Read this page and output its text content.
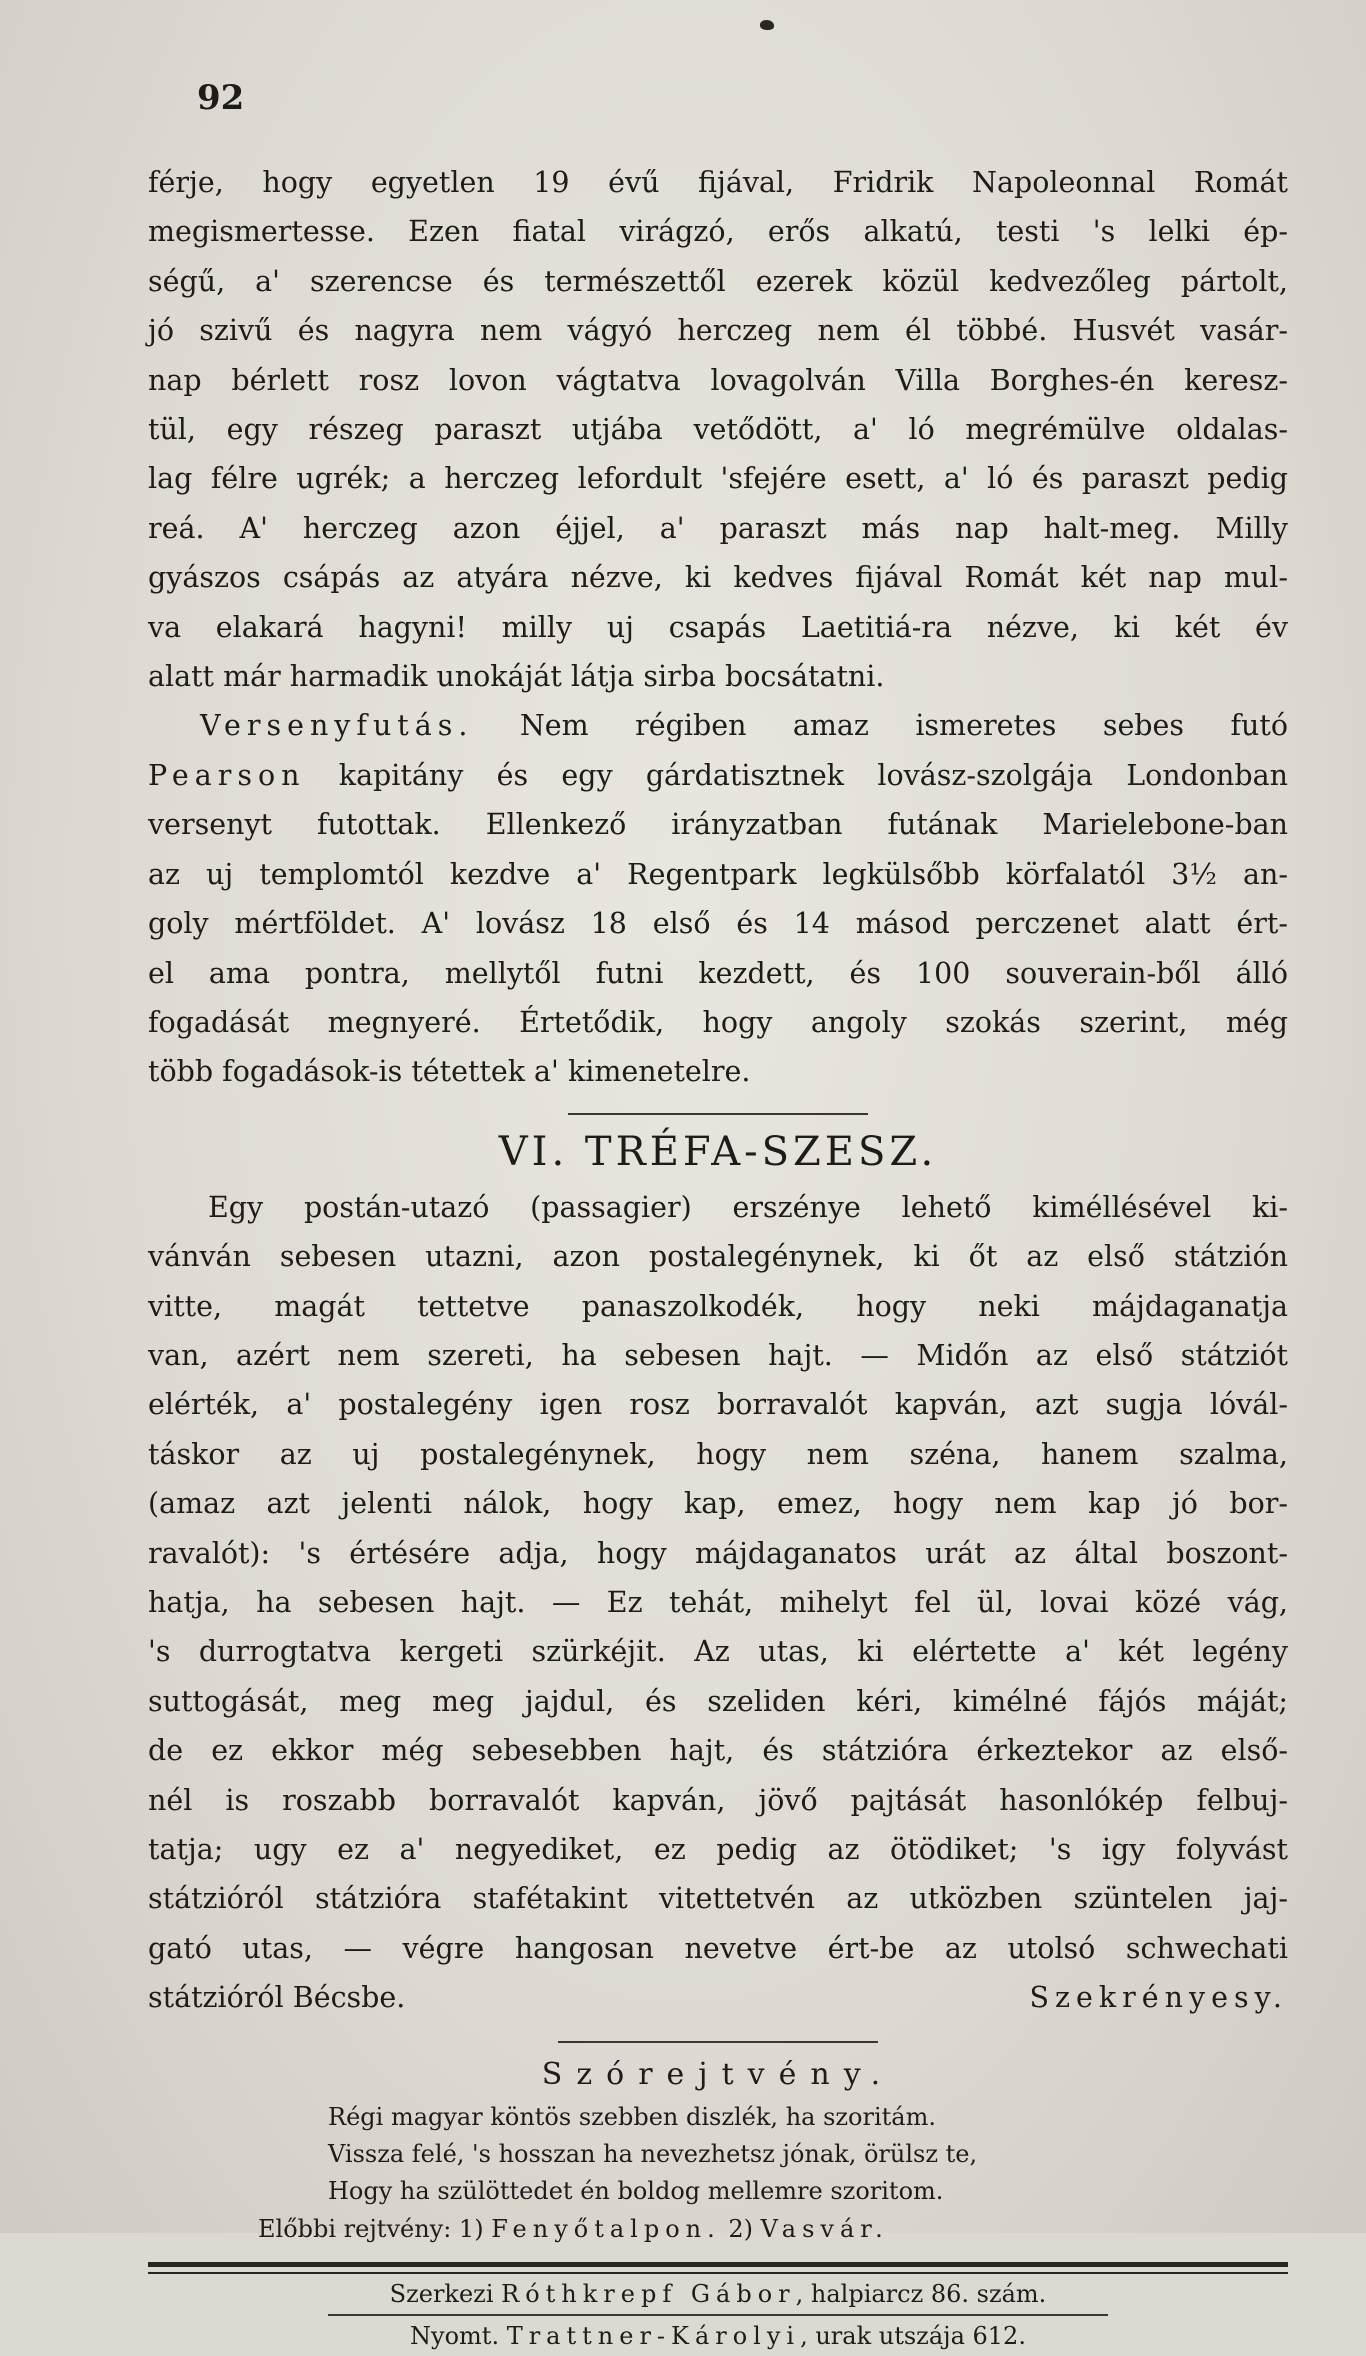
92
férje, hogy egyetlen 19 évű fijával, Fridrik Napoleonnal Romát
megismertesse. Ezen fiatal virágzó, erős alkatú, testi 's lelki ép-
ségű, a' szerencse és természettől ezerek közül kedvezőleg pártolt,
jó szivű és nagyra nem vágyó herczeg nem él többé. Husvét vasár-
nap bérlett rosz lovon vágtatva lovagolván Villa Borghes-én keresz-
tül, egy részeg paraszt utjába vetődött, a' ló megrémülve oldalas-
lag félre ugrék; a herczeg lefordult 'sfejére esett, a' ló és paraszt pedig
reá. A' herczeg azon éjjel, a' paraszt más nap halt-meg. Milly
gyászos csápás az atyára nézve, ki kedves fijával Romát két nap mul-
va elakará hagyni! milly uj csapás Laetitiá-ra nézve, ki két év
alatt már harmadik unokáját látja sirba bocsátatni.
Versenyfutás. Nem régiben amaz ismeretes sebes futó
Pearson kapitány és egy gárdatisztnek lovász-szolgája Londonban
versenyt futottak. Ellenkező irányzatban futának Marielebone-ban
az uj templomtól kezdve a' Regentpark legkülsőbb körfalatól 3½ an-
goly mértföldet. A' lovász 18 első és 14 másod perczenet alatt ért-
el ama pontra, mellytől futni kezdett, és 100 souverain-ből álló
fogadását megnyeré. Értetődik, hogy angoly szokás szerint, még
több fogadások-is tétettek a' kimenetelre.
VI. TRÉFA-SZESZ.
Egy postán-utazó (passagier) erszénye lehető kiméllésével ki-
vánván sebesen utazni, azon postalegénynek, ki őt az első státzión
vitte, magát tettetve panaszolkodék, hogy neki májdaganatja
van, azért nem szereti, ha sebesen hajt. — Midőn az első státziót
elérték, a' postalegény igen rosz borravalót kapván, azt sugja lóvál-
táskor az uj postalegénynek, hogy nem széna, hanem szalma,
(amaz azt jelenti nálok, hogy kap, emez, hogy nem kap jó bor-
ravalót): 's értésére adja, hogy májdaganatos urát az által boszont-
hatja, ha sebesen hajt. — Ez tehát, mihelyt fel ül, lovai közé vág,
's durrogtatva kergeti szürkéjit. Az utas, ki elértette a' két legény
suttogását, meg meg jajdul, és szeliden kéri, kimélné fájós máját;
de ez ekkor még sebesebben hajt, és státzióra érkeztekor az első-
nél is roszabb borravalót kapván, jövő pajtását hasonlókép felbuj-
tatja; ugy ez a' negyediket, ez pedig az ötödiket; 's igy folyvást
státzióról státzióra stafétakint vitettetvén az utközben szüntelen jaj-
gató utas, — végre hangosan nevetve ért-be az utolsó schwechati
státzióról Bécsbe.	Szekrényesy.
Szórejtvény.
Régi magyar köntös szebben diszlék, ha szoritám.
Vissza felé, 's hosszan ha nevezhetsz jónak, örülsz te,
Hogy ha szülöttedet én boldog mellemre szoritom.
Előbbi rejtvény: 1) Fenyőtalpon. 2) Vasvár.
Szerkezi Róthkrepf Gábor, halpiarcz 86. szám.
Nyomt. Trattner-Károlyi, urak utszája 612.
